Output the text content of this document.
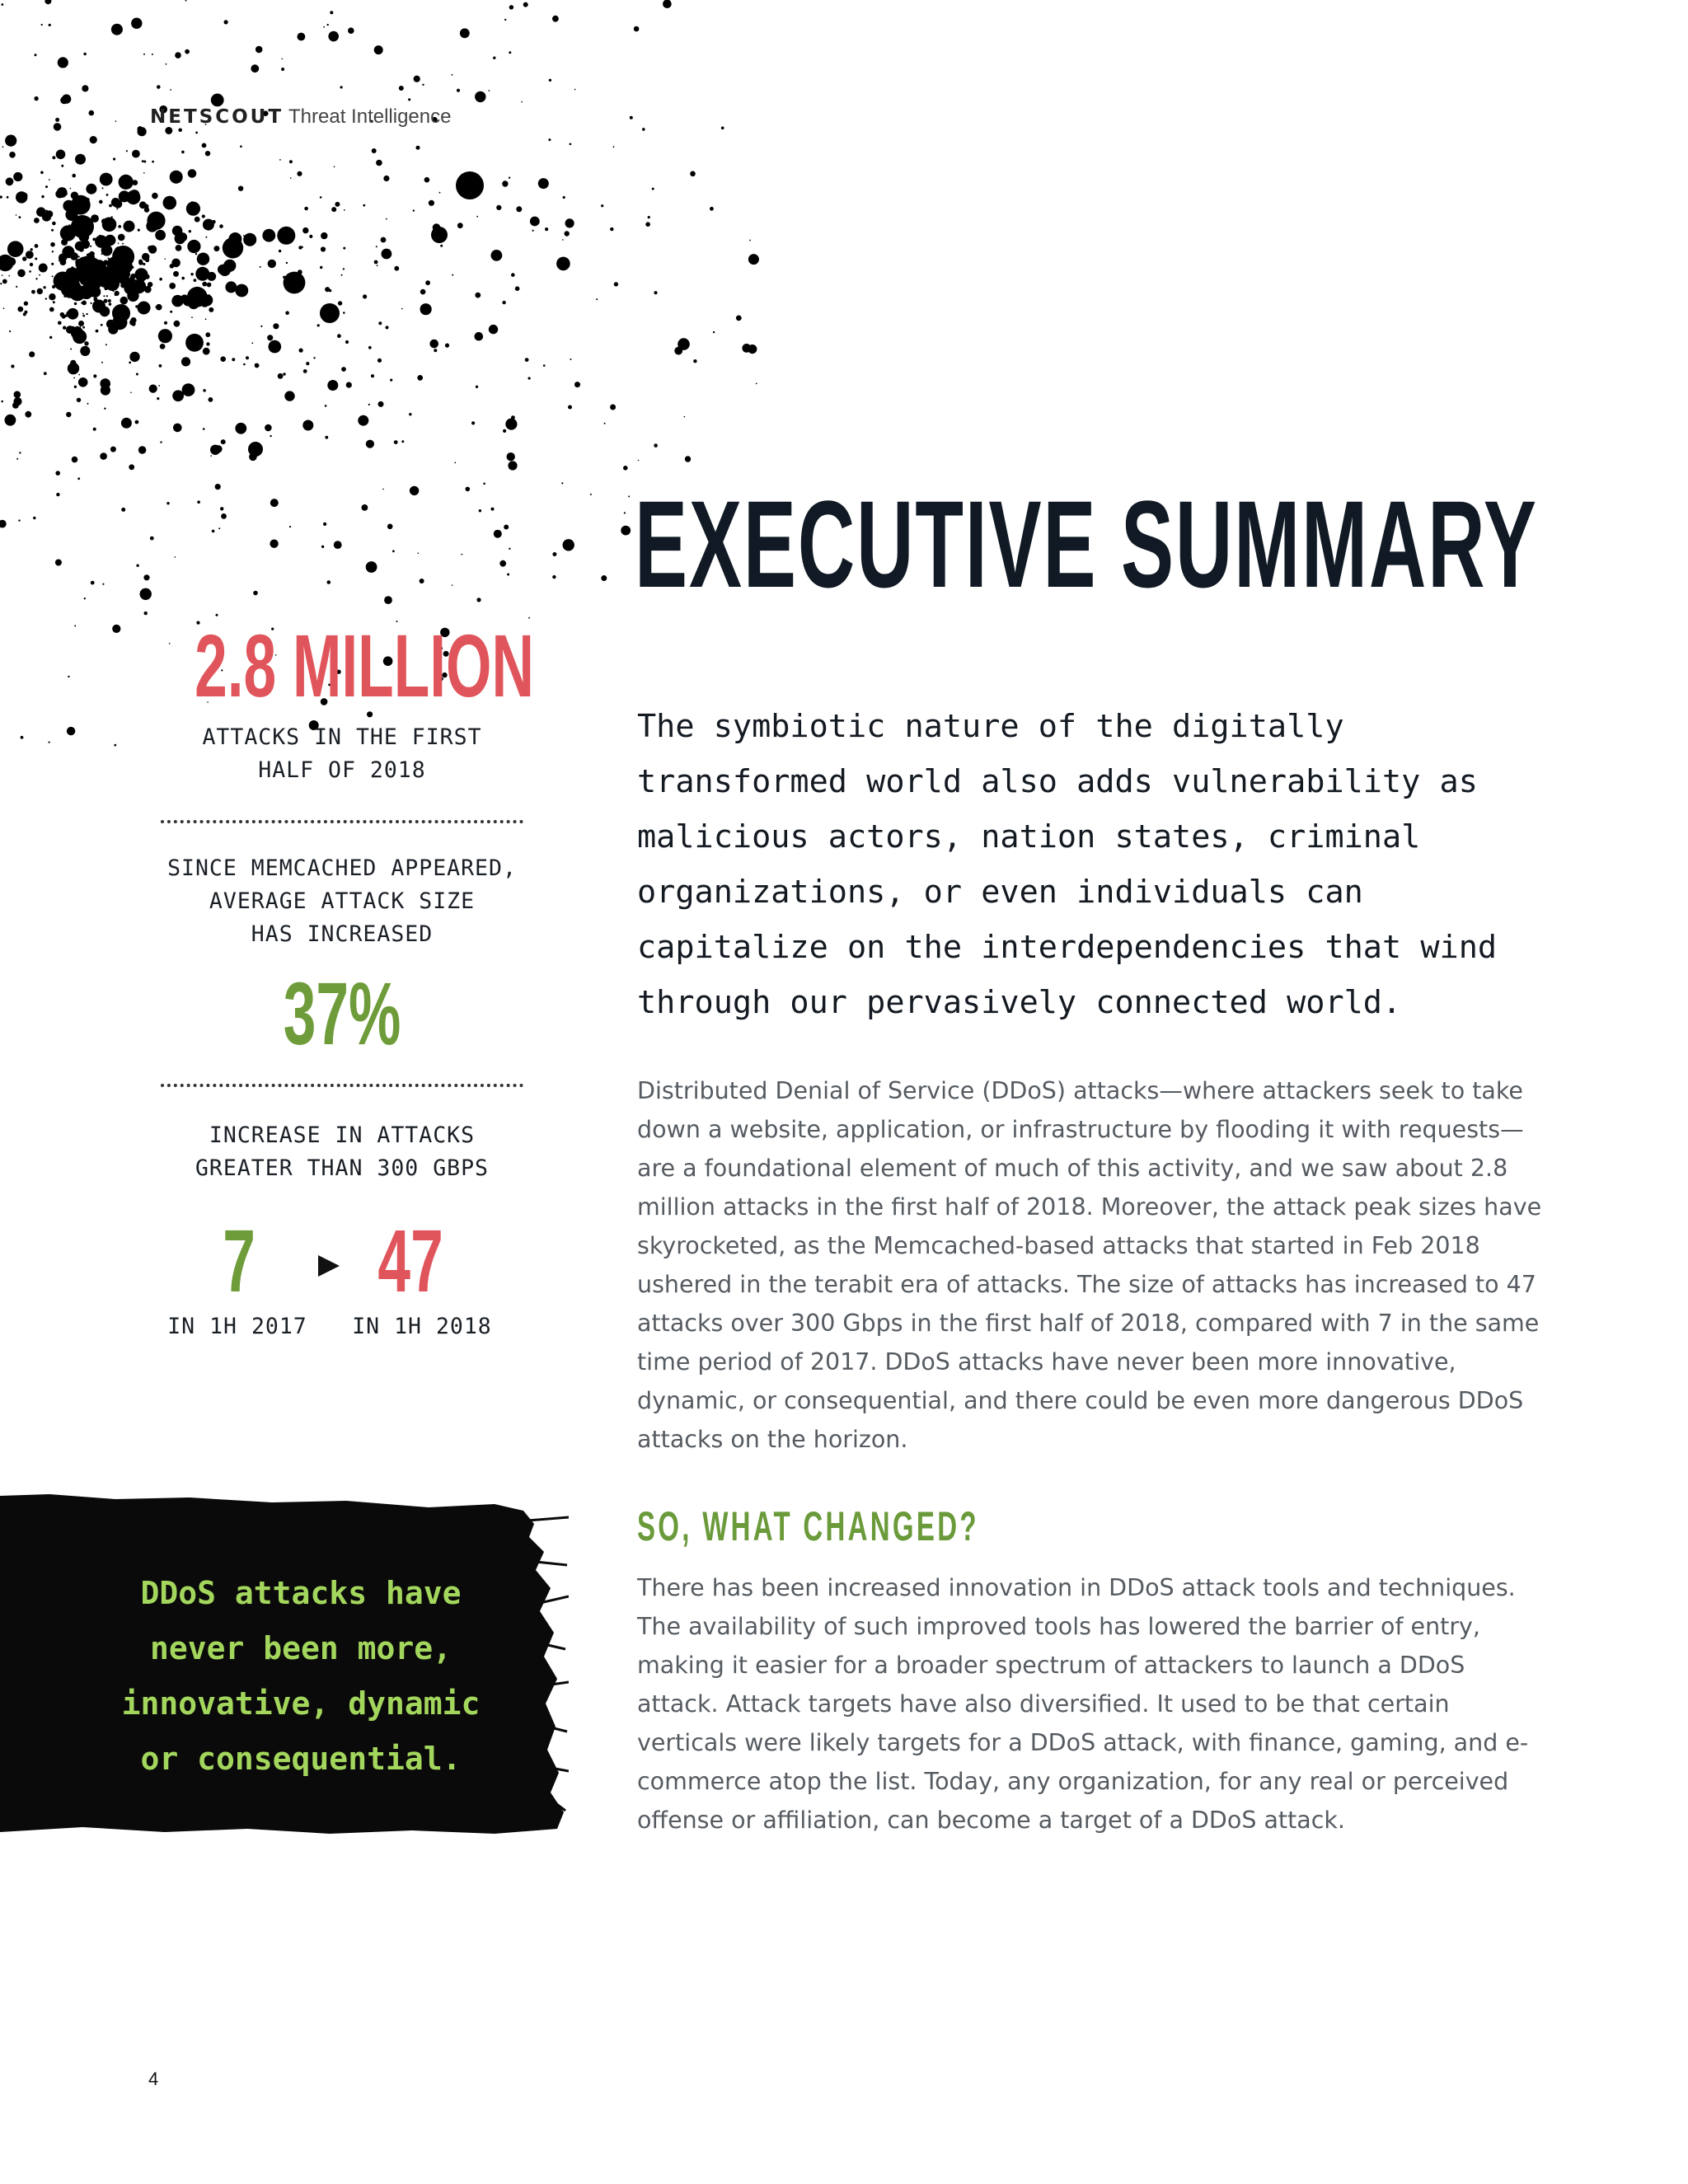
NETSCOUT Threat Intelligence
EXECUTIVE SUMMARY
The symbiotic nature of the digitally transformed world also adds vulnerability as malicious actors, nation states, criminal organizations, or even individuals can capitalize on the interdependencies that wind through our pervasively connected world.

Distributed Denial of Service (DDoS) attacks—where attackers seek to take down a website, application, or infrastructure by flooding it with requests—are a foundational element of much of this activity, and we saw about 2.8 million attacks in the first half of 2018. Moreover, the attack peak sizes have skyrocketed, as the Memcached-based attacks that started in Feb 2018 ushered in the terabit era of attacks. The size of attacks has increased to 47 attacks over 300 Gbps in the first half of 2018, compared with 7 in the same time period of 2017. DDoS attacks have never been more innovative, dynamic, or consequential, and there could be even more dangerous DDoS attacks on the horizon.

SO, WHAT CHANGED?

There has been increased innovation in DDoS attack tools and techniques. The availability of such improved tools has lowered the barrier of entry, making it easier for a broader spectrum of attackers to launch a DDoS attack. Attack targets have also diversified. It used to be that certain verticals were likely targets for a DDoS attack, with finance, gaming, and e-commerce atop the list. Today, any organization, for any real or perceived offense or affiliation, can become a target of a DDoS attack.

2.8 MILLION
ATTACKS IN THE FIRST
HALF OF 2018
SINCE MEMCACHED APPEARED,
AVERAGE ATTACK SIZE
HAS INCREASED
37%
INCREASE IN ATTACKS
GREATER THAN 300 GBPS
7	47
IN 1H 2017	IN 1H 2018
DDoS attacks have
never been more,
innovative, dynamic
or consequential.
4
